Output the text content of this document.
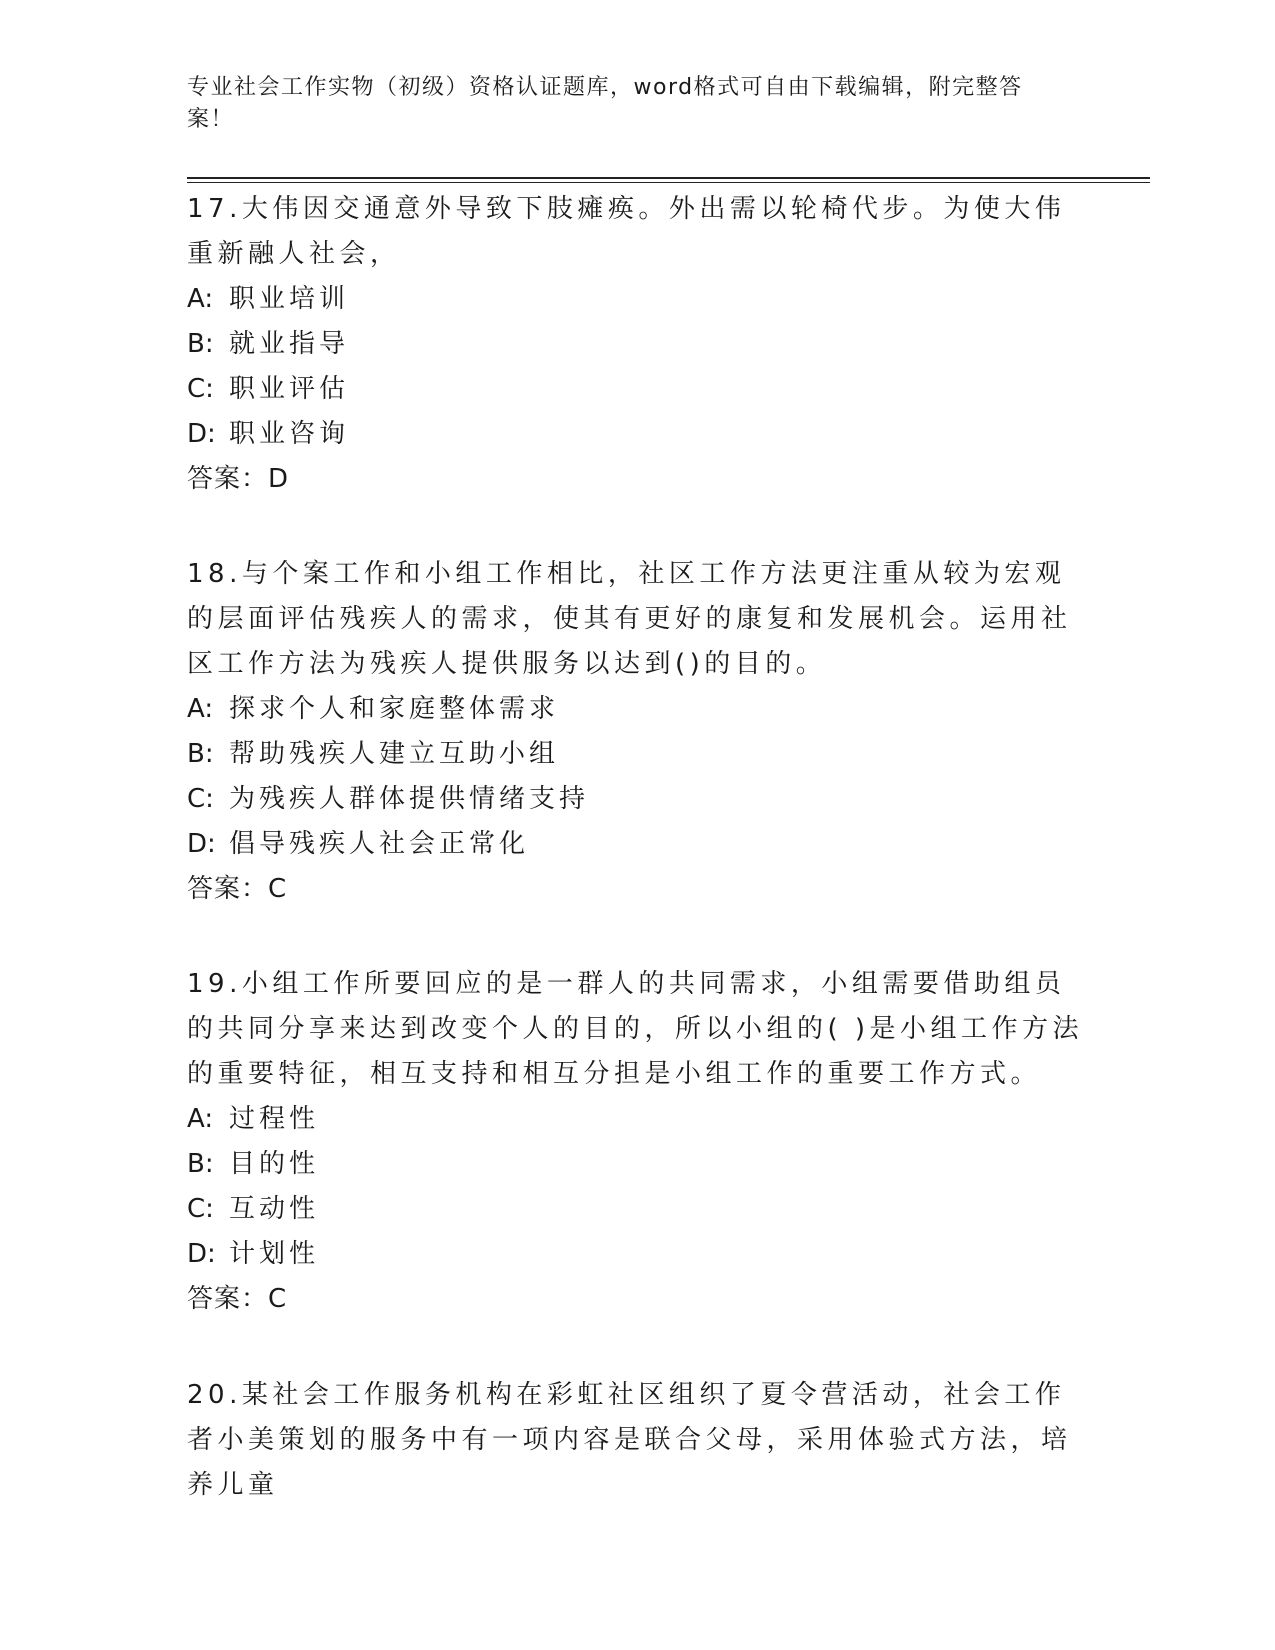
专业社会工作实物（初级）资格认证题库，word格式可自由下载编辑，附完整答案！

17.大伟因交通意外导致下肢瘫痪。外出需以轮椅代步。为使大伟重新融人社会，

A: 职业培训

B: 就业指导

C: 职业评估

D: 职业咨询

答案：D

18.与个案工作和小组工作相比，社区工作方法更注重从较为宏观的层面评估残疾人的需求，使其有更好的康复和发展机会。运用社区工作方法为残疾人提供服务以达到()的目的。

A: 探求个人和家庭整体需求

B: 帮助残疾人建立互助小组

C: 为残疾人群体提供情绪支持

D: 倡导残疾人社会正常化

答案：C

19.小组工作所要回应的是一群人的共同需求，小组需要借助组员的共同分享来达到改变个人的目的，所以小组的( )是小组工作方法的重要特征，相互支持和相互分担是小组工作的重要工作方式。

A: 过程性

B: 目的性

C: 互动性

D: 计划性

答案：C

20.某社会工作服务机构在彩虹社区组织了夏令营活动，社会工作者小美策划的服务中有一项内容是联合父母，采用体验式方法，培养儿童
